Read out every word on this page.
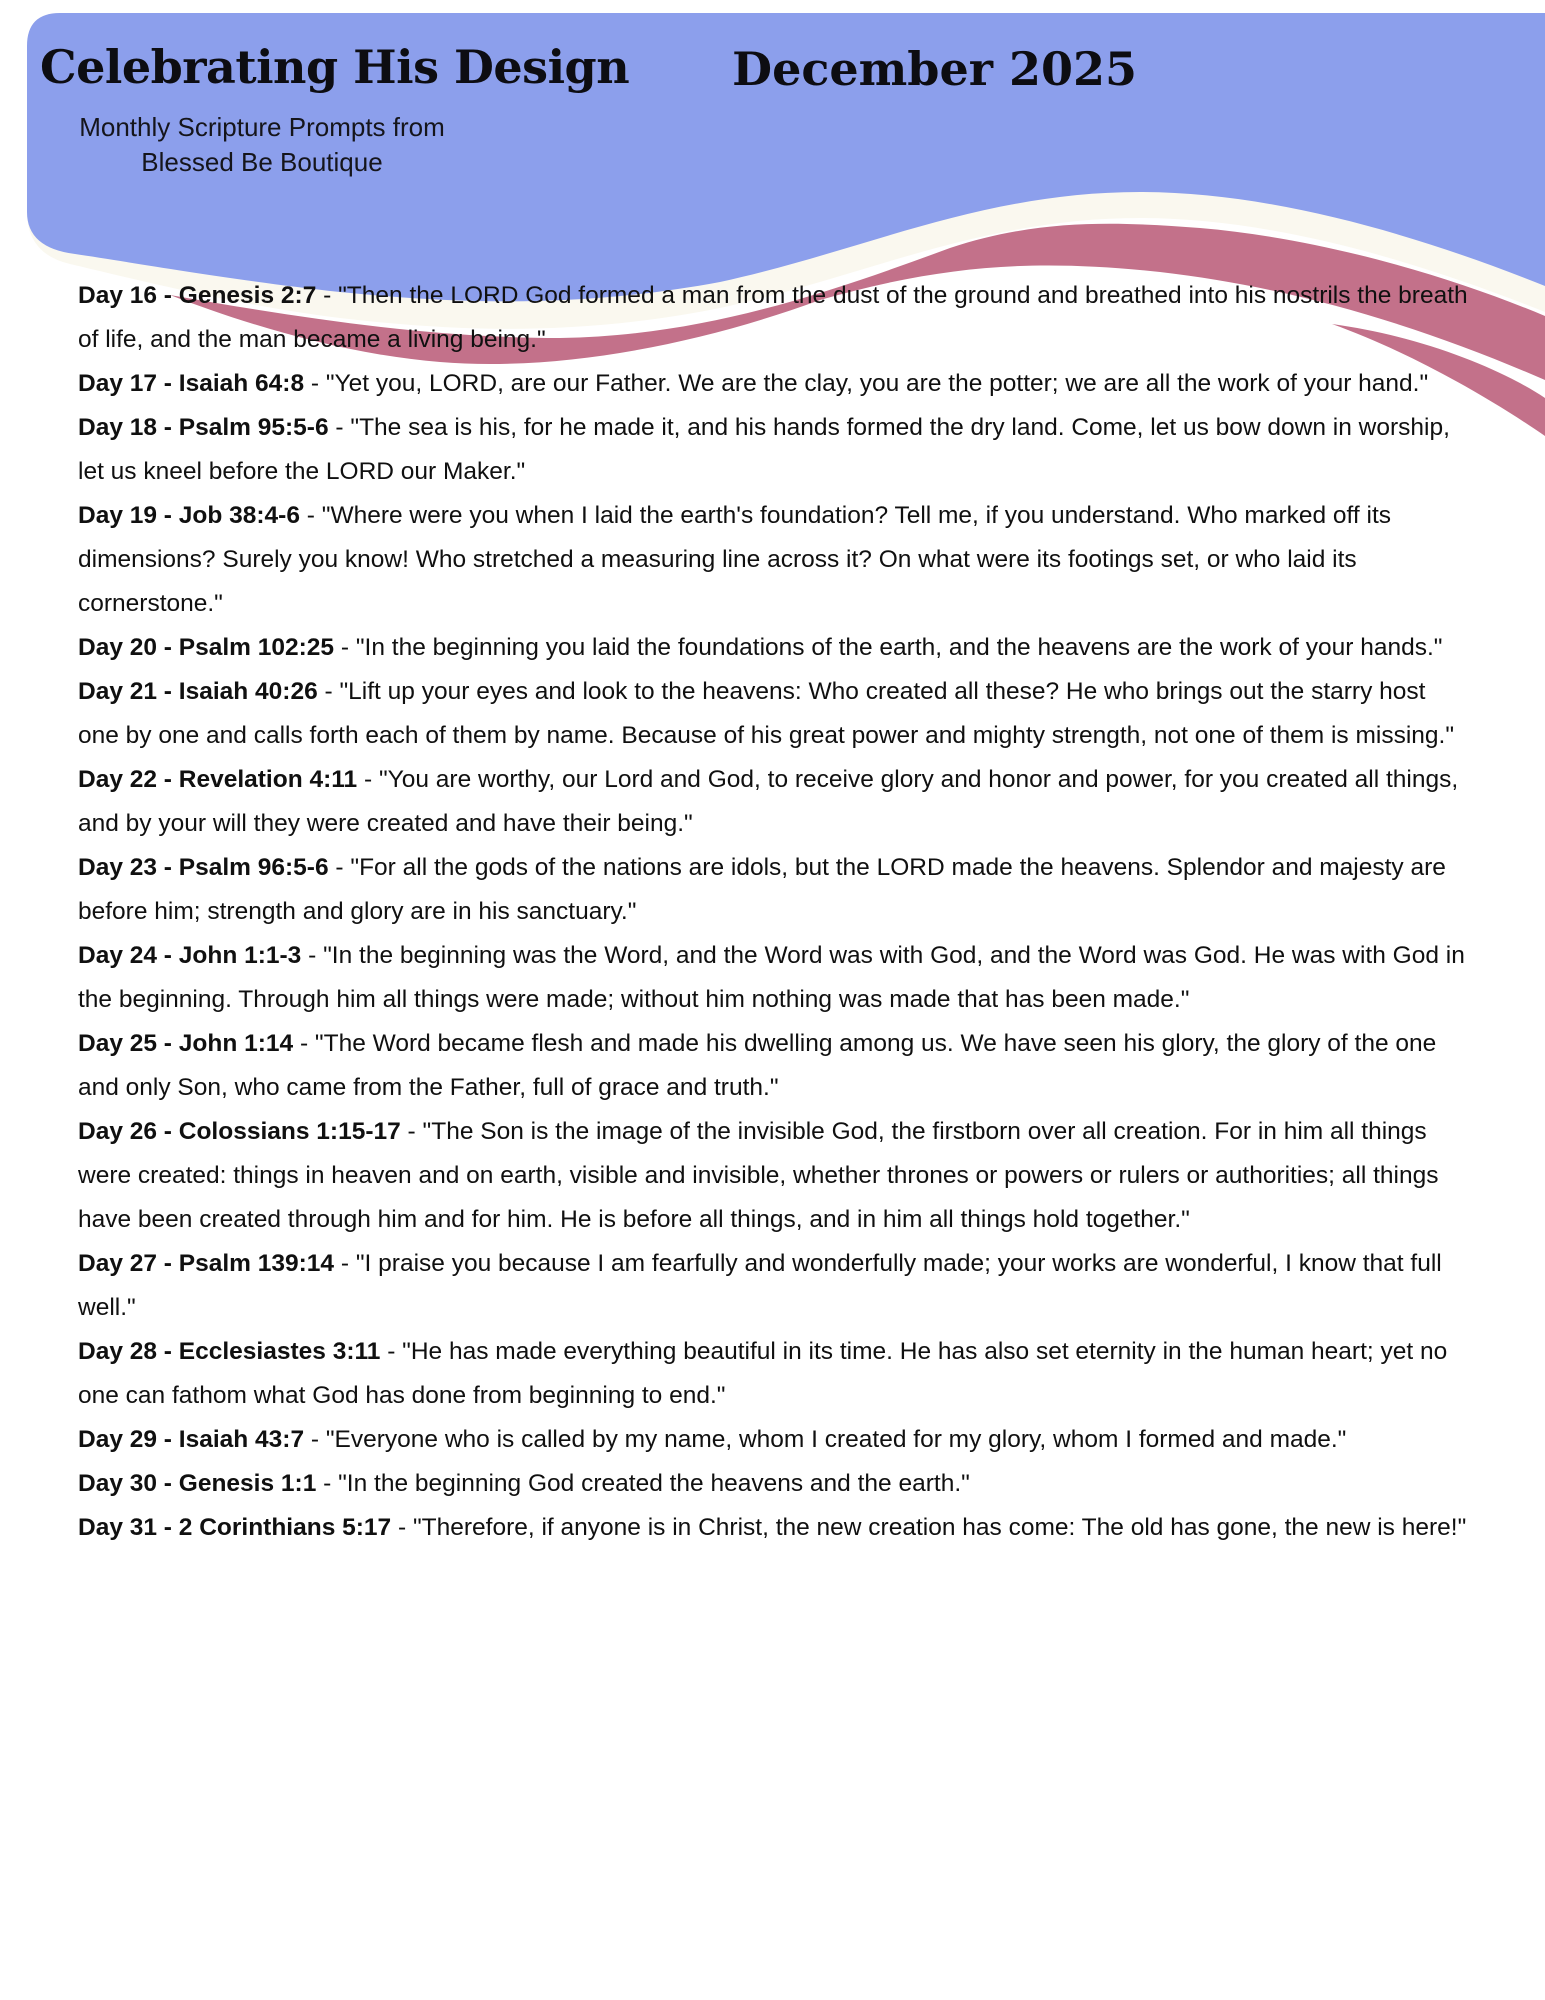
Celebrating His Design December 2025
Monthly Scripture Prompts from
Blessed Be Boutique

Day 16 - Genesis 2:7 - "Then the LORD God formed a man from the dust of the ground and breathed into his nostrils the breath of life, and the man became a living being."

Day 17 - Isaiah 64:8 - "Yet you, LORD, are our Father. We are the clay, you are the potter; we are all the work of your hand."

Day 18 - Psalm 95:5-6 - "The sea is his, for he made it, and his hands formed the dry land. Come, let us bow down in worship, let us kneel before the LORD our Maker."

Day 19 - Job 38:4-6 - "Where were you when I laid the earth's foundation? Tell me, if you understand. Who marked off its dimensions? Surely you know! Who stretched a measuring line across it? On what were its footings set, or who laid its cornerstone."

Day 20 - Psalm 102:25 - "In the beginning you laid the foundations of the earth, and the heavens are the work of your hands."

Day 21 - Isaiah 40:26 - "Lift up your eyes and look to the heavens: Who created all these? He who brings out the starry host one by one and calls forth each of them by name. Because of his great power and mighty strength, not one of them is missing."

Day 22 - Revelation 4:11 - "You are worthy, our Lord and God, to receive glory and honor and power, for you created all things, and by your will they were created and have their being."

Day 23 - Psalm 96:5-6 - "For all the gods of the nations are idols, but the LORD made the heavens. Splendor and majesty are before him; strength and glory are in his sanctuary."

Day 24 - John 1:1-3 - "In the beginning was the Word, and the Word was with God, and the Word was God. He was with God in the beginning. Through him all things were made; without him nothing was made that has been made."

Day 25 - John 1:14 - "The Word became flesh and made his dwelling among us. We have seen his glory, the glory of the one and only Son, who came from the Father, full of grace and truth."

Day 26 - Colossians 1:15-17 - "The Son is the image of the invisible God, the firstborn over all creation. For in him all things were created: things in heaven and on earth, visible and invisible, whether thrones or powers or rulers or authorities; all things have been created through him and for him. He is before all things, and in him all things hold together."

Day 27 - Psalm 139:14 - "I praise you because I am fearfully and wonderfully made; your works are wonderful, I know that full well."

Day 28 - Ecclesiastes 3:11 - "He has made everything beautiful in its time. He has also set eternity in the human heart; yet no one can fathom what God has done from beginning to end."

Day 29 - Isaiah 43:7 - "Everyone who is called by my name, whom I created for my glory, whom I formed and made."

Day 30 - Genesis 1:1 - "In the beginning God created the heavens and the earth."

Day 31 - 2 Corinthians 5:17 - "Therefore, if anyone is in Christ, the new creation has come: The old has gone, the new is here!"
